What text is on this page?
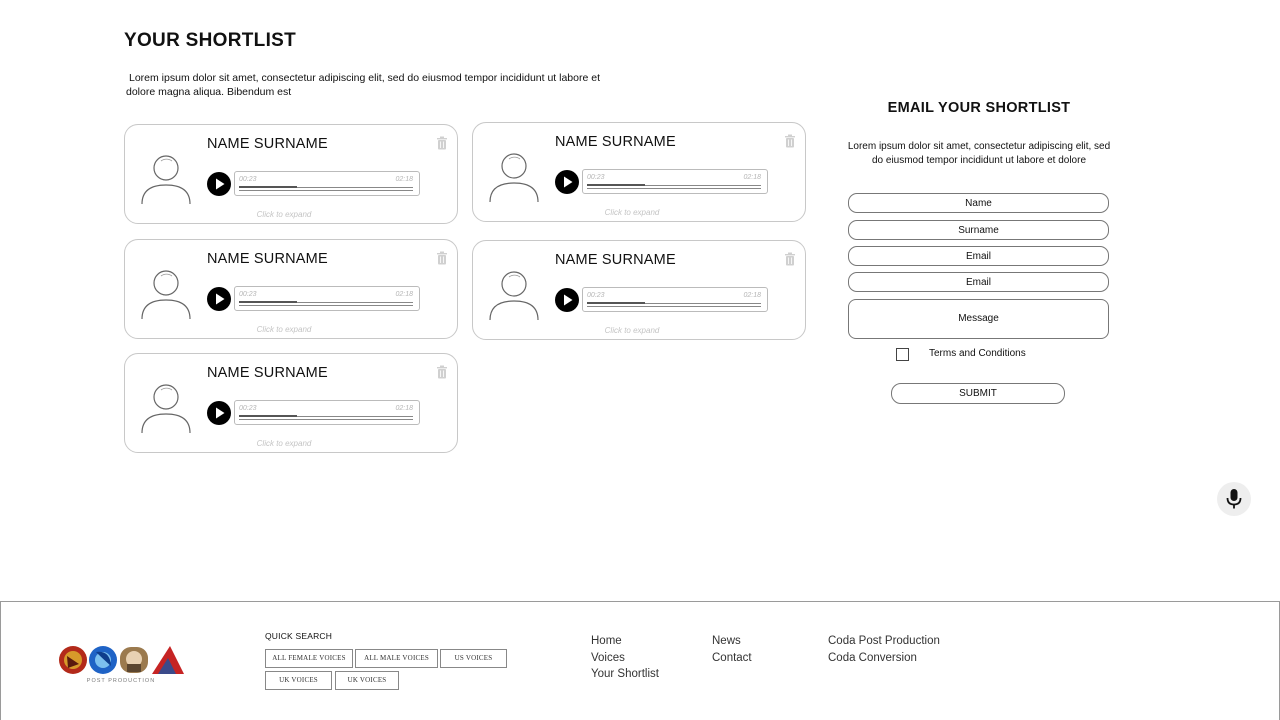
YOUR SHORTLIST
Lorem ipsum dolor sit amet, consectetur adipiscing elit, sed do eiusmod tempor incididunt ut labore et
dolore magna aliqua. Bibendum est
NAME SURNAME
00:23	02:18
Click to expand
NAME SURNAME
00:23	02:18
Click to expand
NAME SURNAME
00:23	02:18
Click to expand
NAME SURNAME
00:23	02:18
Click to expand
NAME SURNAME
00:23	02:18
Click to expand
EMAIL YOUR SHORTLIST

Lorem ipsum dolor sit amet, consectetur adipiscing elit, sed do eiusmod tempor incididunt ut labore et dolore

Name
Surname
Email
Email
Message
Terms and Conditions
SUBMIT
POST PRODUCTION
QUICK SEARCH
ALL FEMALE VOICES	ALL MALE VOICES	US VOICES
UK VOICES	UK VOICES
Home
Voices
Your Shortlist
News
Contact
Coda Post Production
Coda Conversion
